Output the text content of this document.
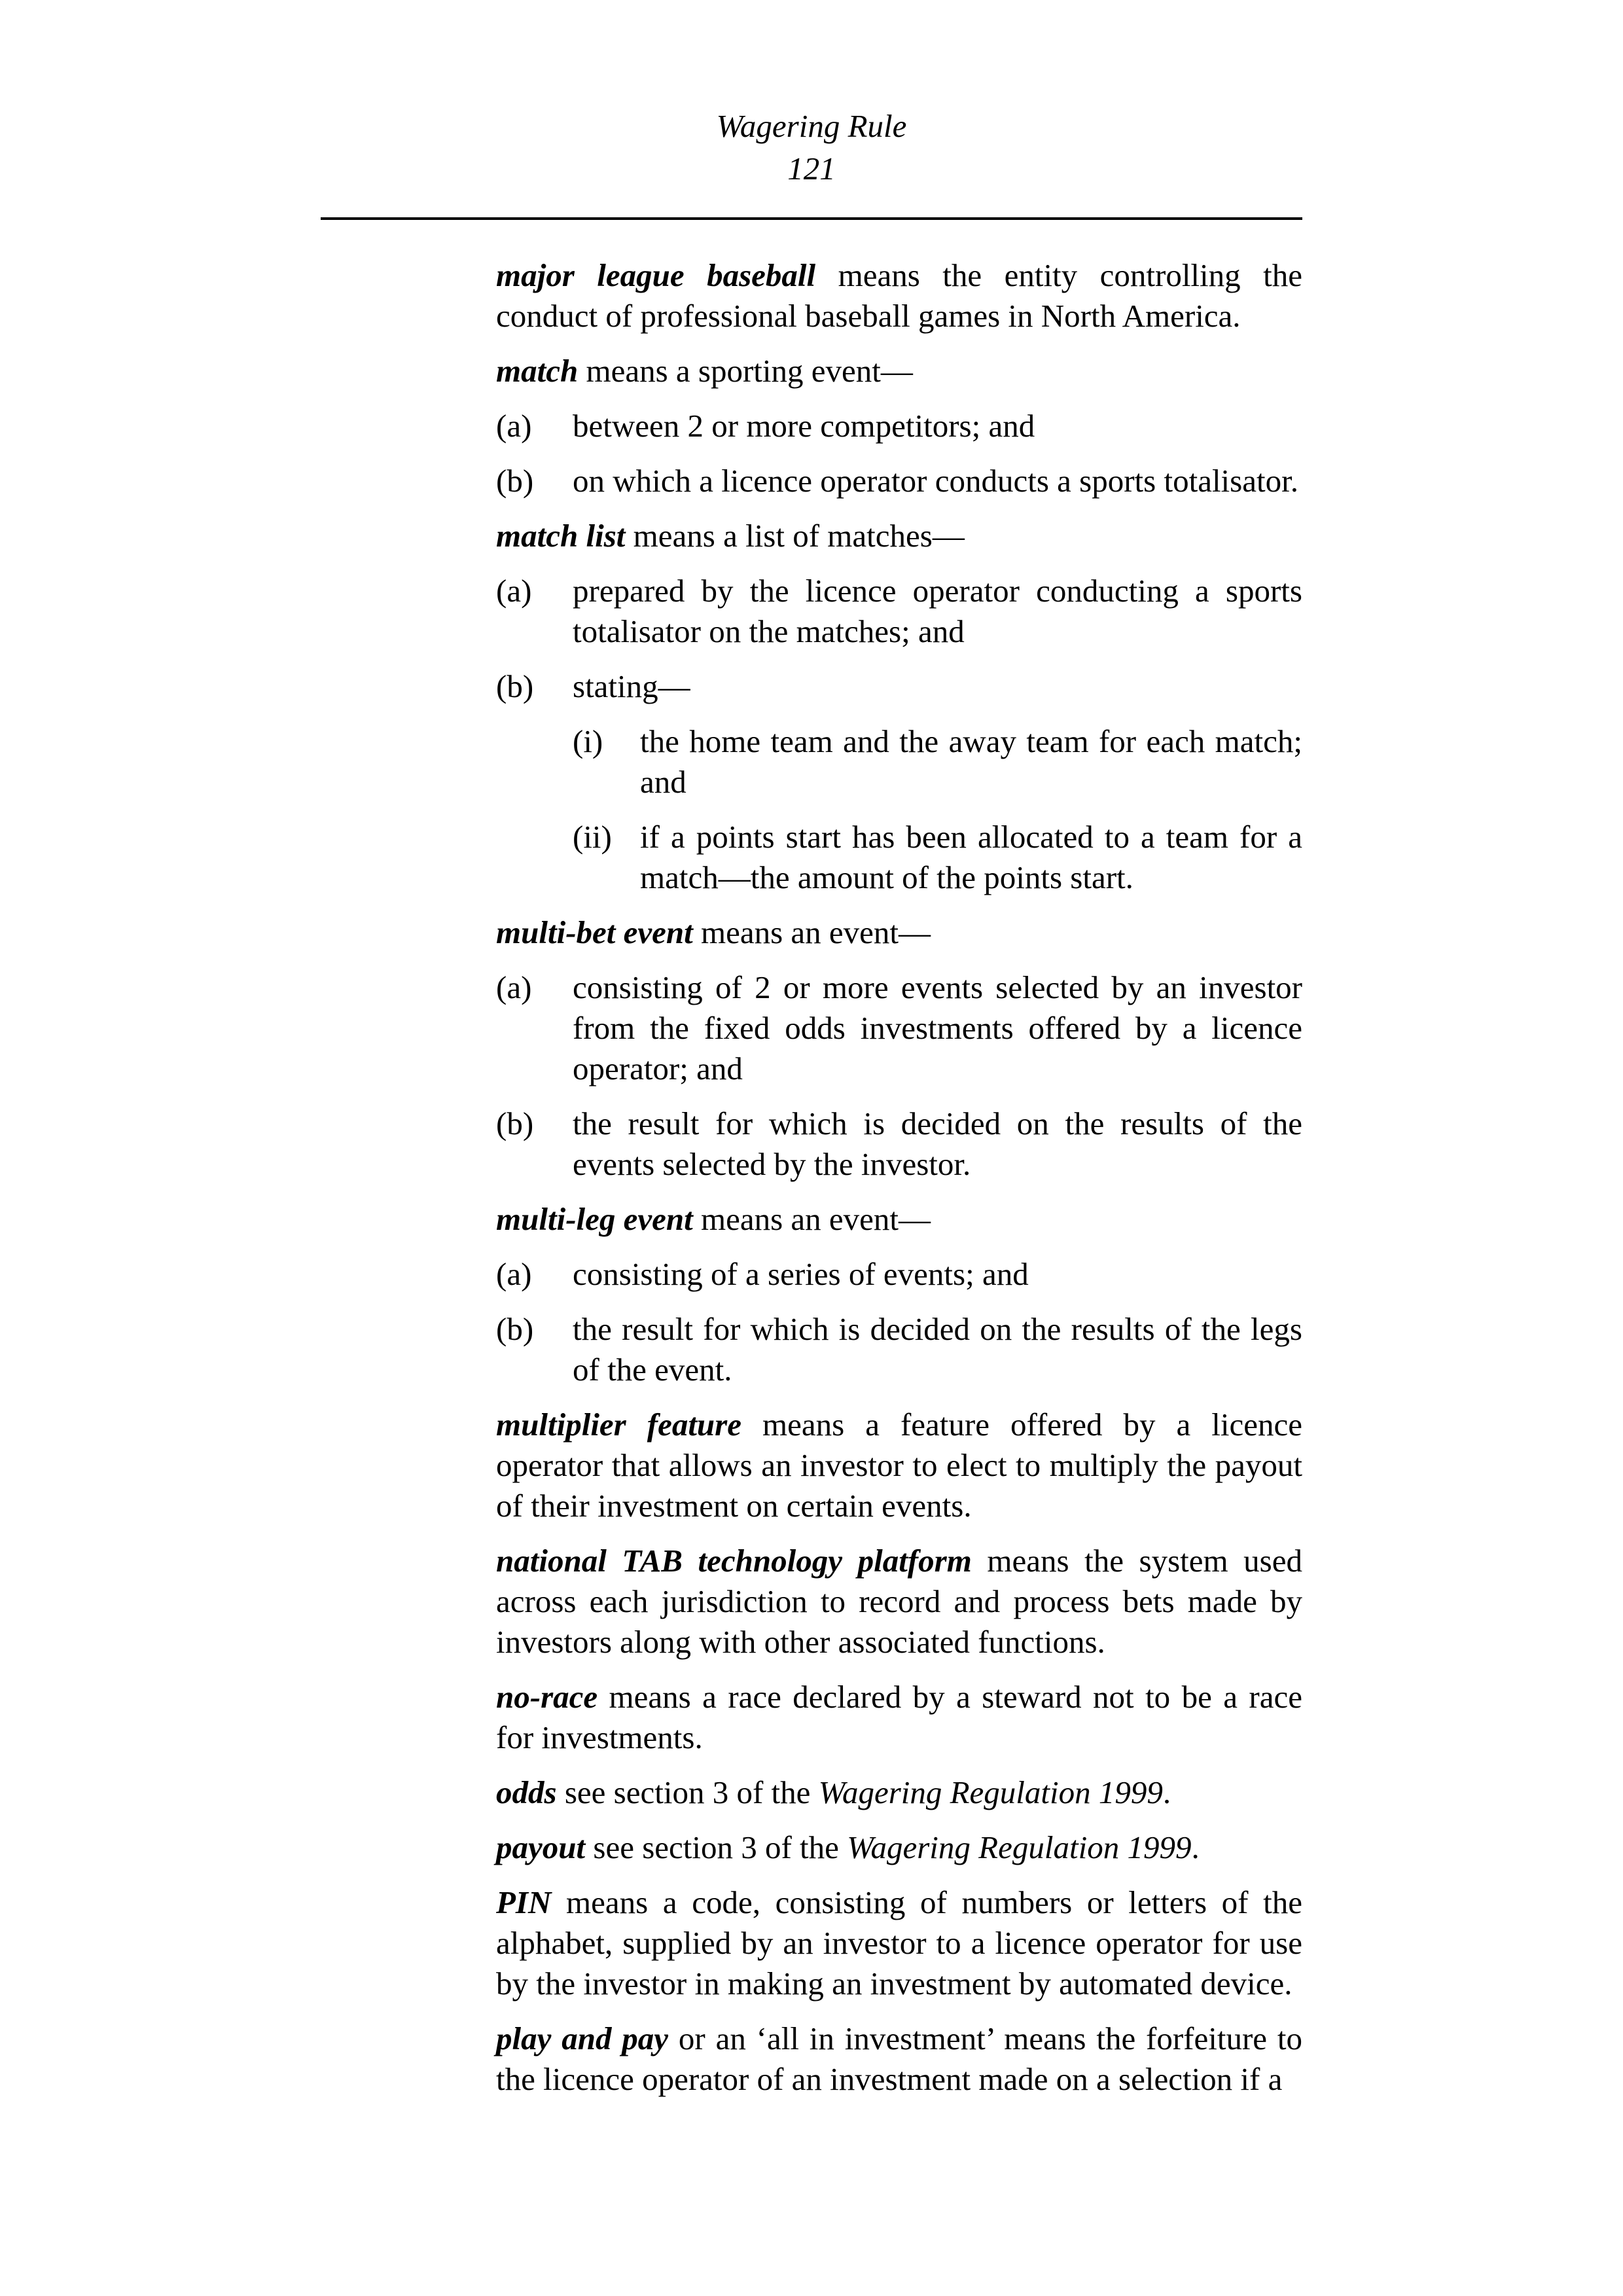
Wagering Rule
121

major league baseball means the entity controlling the conduct of professional baseball games in North America.

match means a sporting event—

(a)	between 2 or more competitors; and
(b)	on which a licence operator conducts a sports totalisator.

match list means a list of matches—

(a)	prepared by the licence operator conducting a sports totalisator on the matches; and
(b)	stating—
(i)	the home team and the away team for each match; and
(ii) if a points start has been allocated to a team for a match—the amount of the points start.

multi-bet event means an event—

(a)	consisting of 2 or more events selected by an investor from the fixed odds investments offered by a licence operator; and
(b)	the result for which is decided on the results of the events selected by the investor.

multi-leg event means an event—

(a)	consisting of a series of events; and
(b)	the result for which is decided on the results of the legs of the event.

multiplier feature means a feature offered by a licence operator that allows an investor to elect to multiply the payout of their investment on certain events.

national TAB technology platform means the system used across each jurisdiction to record and process bets made by investors along with other associated functions.

no-race means a race declared by a steward not to be a race for investments.

odds see section 3 of the Wagering Regulation 1999.

payout see section 3 of the Wagering Regulation 1999.

PIN means a code, consisting of numbers or letters of the alphabet, supplied by an investor to a licence operator for use by the investor in making an investment by automated device.

play and pay or an ‘all in investment’ means the forfeiture to the licence operator of an investment made on a selection if a
